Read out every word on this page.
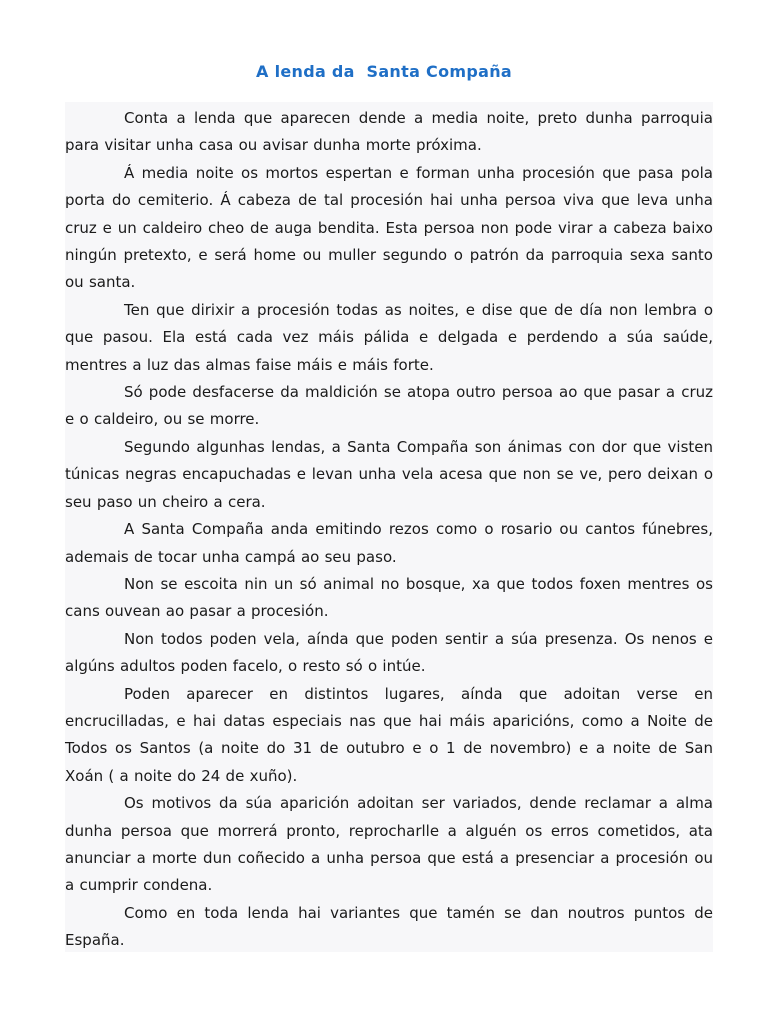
A lenda da  Santa Compaña

Conta a lenda que aparecen dende a media noite, preto dunha parroquia para visitar unha casa ou avisar dunha morte próxima.

Á media noite os mortos espertan e forman unha procesión que pasa pola porta do cemiterio. Á cabeza de tal procesión hai unha persoa viva que leva unha cruz e un caldeiro cheo de auga bendita. Esta persoa non pode virar a cabeza baixo ningún pretexto, e será home ou muller segundo o patrón da parroquia sexa santo ou santa.

Ten que dirixir a procesión todas as noites, e dise que de día non lembra o que pasou. Ela está cada vez máis pálida e delgada e perdendo a súa saúde, mentres a luz das almas faise máis e máis forte.

Só pode desfacerse da maldición se atopa outro persoa ao que pasar a cruz e o caldeiro, ou se morre.

Segundo algunhas lendas, a Santa Compaña son ánimas con dor que visten túnicas negras encapuchadas e levan unha vela acesa que non se ve, pero deixan o seu paso un cheiro a cera.

A Santa Compaña anda emitindo rezos como o rosario ou cantos fúnebres, ademais de tocar unha campá ao seu paso.

Non se escoita nin un só animal no bosque, xa que todos foxen mentres os cans ouvean ao pasar a procesión.

Non todos poden vela, aínda que poden sentir a súa presenza. Os nenos e algúns adultos poden facelo, o resto só o intúe.

Poden aparecer en distintos lugares, aínda que adoitan verse en encrucilladas, e hai datas especiais nas que hai máis aparicións, como a Noite de Todos os Santos (a noite do 31 de outubro e o 1 de novembro) e a noite de San Xoán ( a noite do 24 de xuño).

Os motivos da súa aparición adoitan ser variados, dende reclamar a alma dunha persoa que morrerá pronto, reprocharlle a alguén os erros cometidos, ata anunciar a morte dun coñecido a unha persoa que está a presenciar a procesión ou a cumprir condena.

Como en toda lenda hai variantes que tamén se dan noutros puntos de España.
